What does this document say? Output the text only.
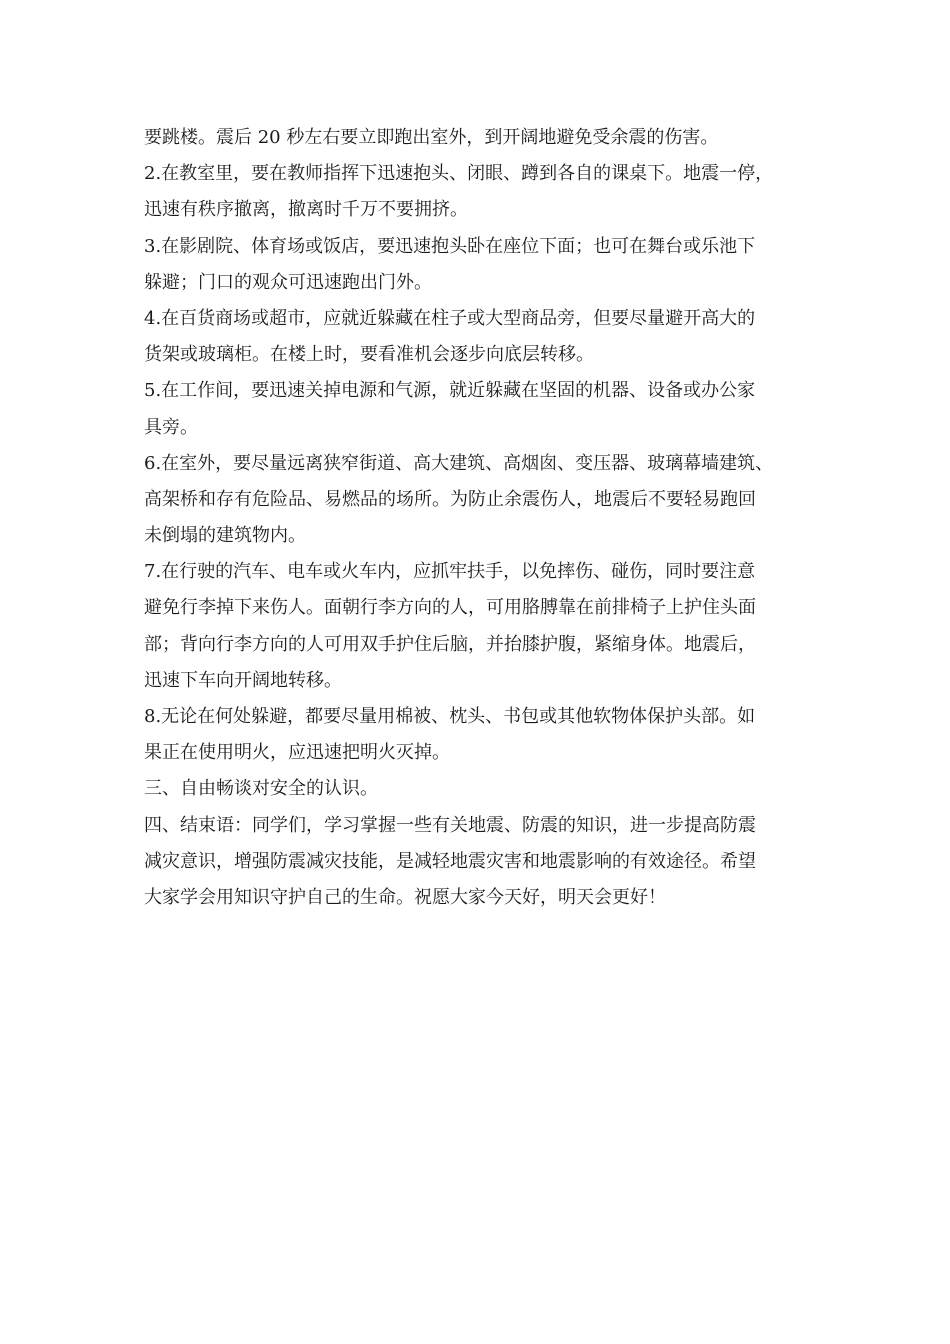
要跳楼。震后 20 秒左右要立即跑出室外，到开阔地避免受余震的伤害。

2.在教室里，要在教师指挥下迅速抱头、闭眼、蹲到各自的课桌下。地震一停，
迅速有秩序撤离，撤离时千万不要拥挤。

3.在影剧院、体育场或饭店，要迅速抱头卧在座位下面；也可在舞台或乐池下
躲避；门口的观众可迅速跑出门外。

4.在百货商场或超市，应就近躲藏在柱子或大型商品旁，但要尽量避开高大的
货架或玻璃柜。在楼上时，要看准机会逐步向底层转移。

5.在工作间，要迅速关掉电源和气源，就近躲藏在坚固的机器、设备或办公家
具旁。

6.在室外，要尽量远离狭窄街道、高大建筑、高烟囱、变压器、玻璃幕墙建筑、
高架桥和存有危险品、易燃品的场所。为防止余震伤人，地震后不要轻易跑回
未倒塌的建筑物内。

7.在行驶的汽车、电车或火车内，应抓牢扶手，以免摔伤、碰伤，同时要注意
避免行李掉下来伤人。面朝行李方向的人，可用胳膊靠在前排椅子上护住头面
部；背向行李方向的人可用双手护住后脑，并抬膝护腹，紧缩身体。地震后，
迅速下车向开阔地转移。

8.无论在何处躲避，都要尽量用棉被、枕头、书包或其他软物体保护头部。如
果正在使用明火，应迅速把明火灭掉。

三、自由畅谈对安全的认识。

四、结束语：同学们，学习掌握一些有关地震、防震的知识，进一步提高防震
减灾意识，增强防震减灾技能，是减轻地震灾害和地震影响的有效途径。希望
大家学会用知识守护自己的生命。祝愿大家今天好，明天会更好！
